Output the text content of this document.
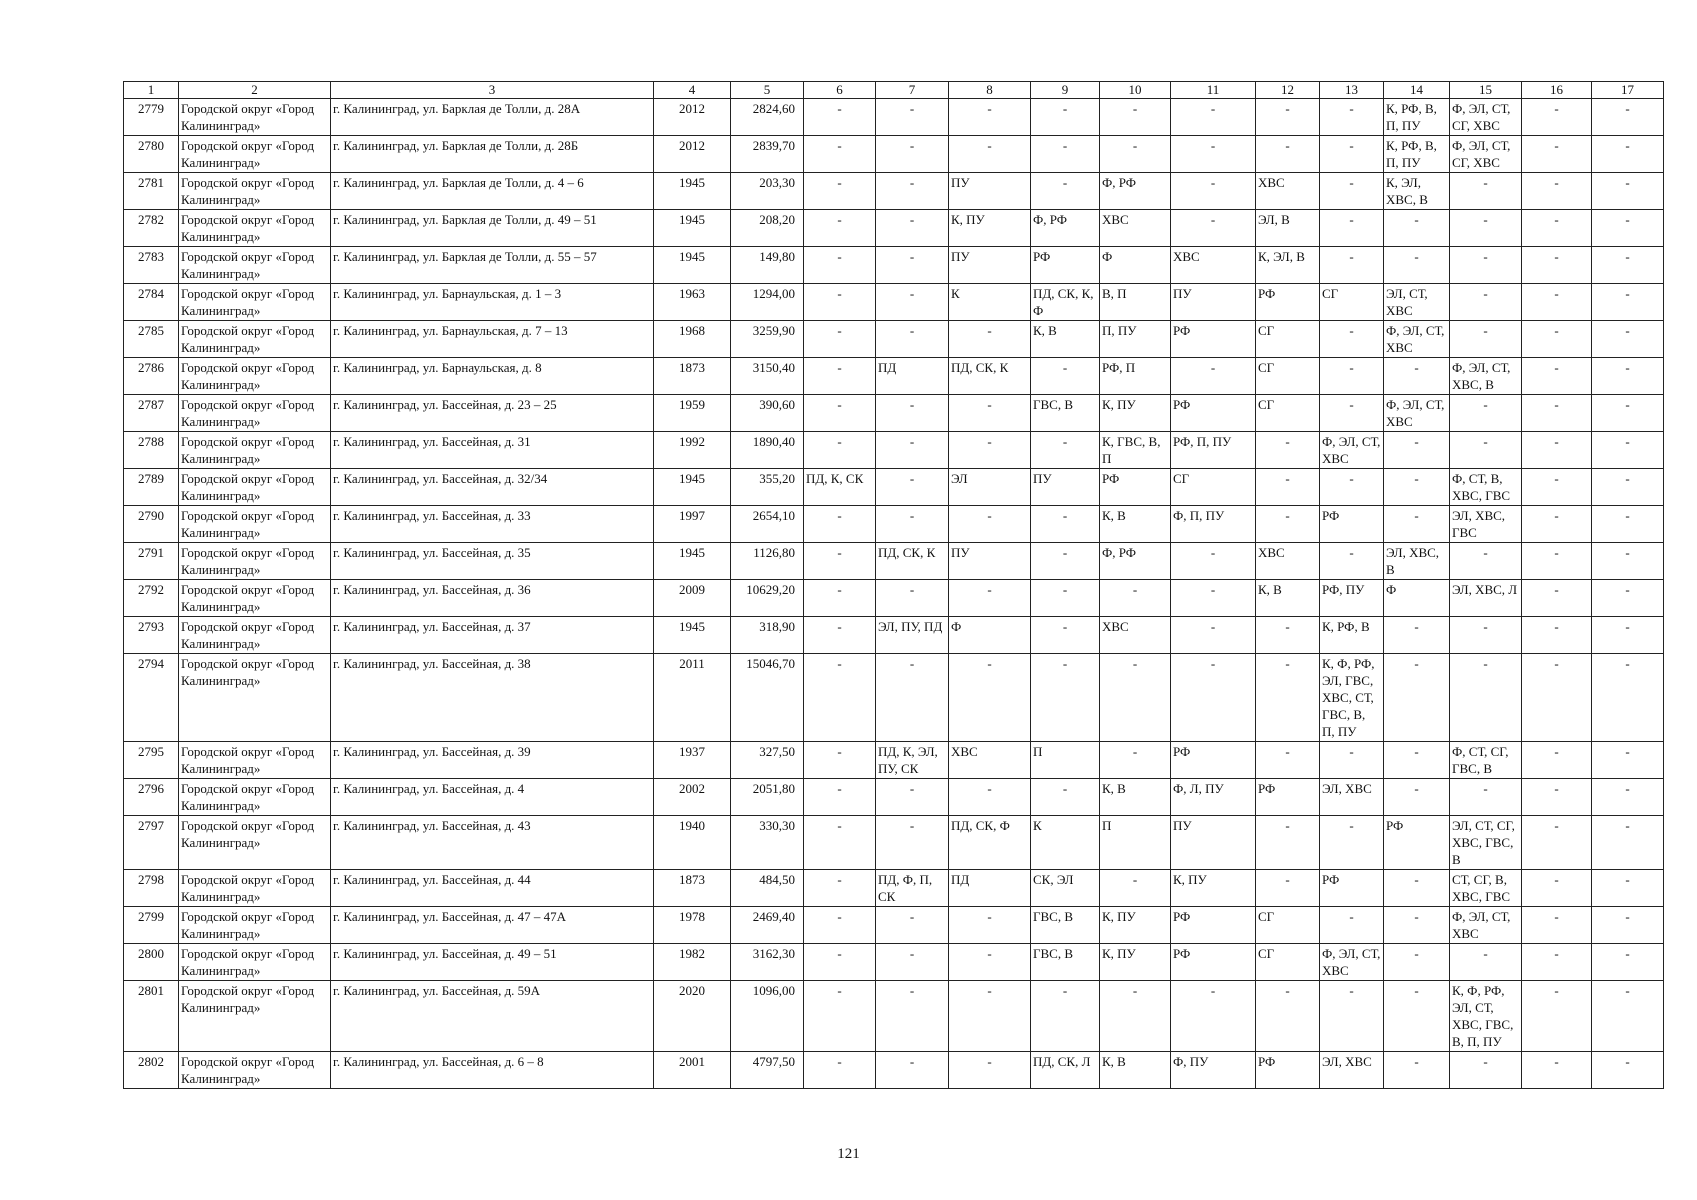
1	2	3	4	5	6	7	8	9	10	11	12	13	14	15	16	17
2779	Городской округ «Город Калининград»	г. Калининград, ул. Барклая де Толли, д. 28А	2012	2824,60	-	-	-	-	-	-	-	-	К, РФ, В, П, ПУ	Ф, ЭЛ, СТ, СГ, ХВС	-	-
2780	Городской округ «Город Калининград»	г. Калининград, ул. Барклая де Толли, д. 28Б	2012	2839,70	-	-	-	-	-	-	-	-	К, РФ, В, П, ПУ	Ф, ЭЛ, СТ, СГ, ХВС	-	-
2781	Городской округ «Город Калининград»	г. Калининград, ул. Барклая де Толли, д. 4 – 6	1945	203,30	-	-	ПУ	-	Ф, РФ	-	ХВС	-	К, ЭЛ, ХВС, В	-	-	-
2782	Городской округ «Город Калининград»	г. Калининград, ул. Барклая де Толли, д. 49 – 51	1945	208,20	-	-	К, ПУ	Ф, РФ	ХВС	-	ЭЛ, В	-	-	-	-	-
2783	Городской округ «Город Калининград»	г. Калининград, ул. Барклая де Толли, д. 55 – 57	1945	149,80	-	-	ПУ	РФ	Ф	ХВС	К, ЭЛ, В	-	-	-	-	-
2784	Городской округ «Город Калининград»	г. Калининград, ул. Барнаульская, д. 1 – 3	1963	1294,00	-	-	К	ПД, СК, К, Ф	В, П	ПУ	РФ	СГ	ЭЛ, СТ, ХВС	-	-	-
2785	Городской округ «Город Калининград»	г. Калининград, ул. Барнаульская, д. 7 – 13	1968	3259,90	-	-	-	К, В	П, ПУ	РФ	СГ	-	Ф, ЭЛ, СТ, ХВС	-	-	-
2786	Городской округ «Город Калининград»	г. Калининград, ул. Барнаульская, д. 8	1873	3150,40	-	ПД	ПД, СК, К	-	РФ, П	-	СГ	-	-	Ф, ЭЛ, СТ, ХВС, В	-	-
2787	Городской округ «Город Калининград»	г. Калининград, ул. Бассейная, д. 23 – 25	1959	390,60	-	-	-	ГВС, В	К, ПУ	РФ	СГ	-	Ф, ЭЛ, СТ, ХВС	-	-	-
2788	Городской округ «Город Калининград»	г. Калининград, ул. Бассейная, д. 31	1992	1890,40	-	-	-	-	К, ГВС, В, П	РФ, П, ПУ	-	Ф, ЭЛ, СТ, ХВС	-	-	-	-
2789	Городской округ «Город Калининград»	г. Калининград, ул. Бассейная, д. 32/34	1945	355,20	ПД, К, СК	-	ЭЛ	ПУ	РФ	СГ	-	-	-	Ф, СТ, В, ХВС, ГВС	-	-
2790	Городской округ «Город Калининград»	г. Калининград, ул. Бассейная, д. 33	1997	2654,10	-	-	-	-	К, В	Ф, П, ПУ	-	РФ	-	ЭЛ, ХВС, ГВС	-	-
2791	Городской округ «Город Калининград»	г. Калининград, ул. Бассейная, д. 35	1945	1126,80	-	ПД, СК, К	ПУ	-	Ф, РФ	-	ХВС	-	ЭЛ, ХВС, В	-	-	-
2792	Городской округ «Город Калининград»	г. Калининград, ул. Бассейная, д. 36	2009	10629,20	-	-	-	-	-	-	К, В	РФ, ПУ	Ф	ЭЛ, ХВС, Л	-	-
2793	Городской округ «Город Калининград»	г. Калининград, ул. Бассейная, д. 37	1945	318,90	-	ЭЛ, ПУ, ПД	Ф	-	ХВС	-	-	К, РФ, В	-	-	-	-
2794	Городской округ «Город Калининград»	г. Калининград, ул. Бассейная, д. 38	2011	15046,70	-	-	-	-	-	-	-	К, Ф, РФ, ЭЛ, ГВС, ХВС, СТ, ГВС, В, П, ПУ	-	-	-	-
2795	Городской округ «Город Калининград»	г. Калининград, ул. Бассейная, д. 39	1937	327,50	-	ПД, К, ЭЛ, ПУ, СК	ХВС	П	-	РФ	-	-	-	Ф, СТ, СГ, ГВС, В	-	-
2796	Городской округ «Город Калининград»	г. Калининград, ул. Бассейная, д. 4	2002	2051,80	-	-	-	-	К, В	Ф, Л, ПУ	РФ	ЭЛ, ХВС	-	-	-	-
2797	Городской округ «Город Калининград»	г. Калининград, ул. Бассейная, д. 43	1940	330,30	-	-	ПД, СК, Ф	К	П	ПУ	-	-	РФ	ЭЛ, СТ, СГ, ХВС, ГВС, В	-	-
2798	Городской округ «Город Калининград»	г. Калининград, ул. Бассейная, д. 44	1873	484,50	-	ПД, Ф, П, СК	ПД	СК, ЭЛ	-	К, ПУ	-	РФ	-	СТ, СГ, В, ХВС, ГВС	-	-
2799	Городской округ «Город Калининград»	г. Калининград, ул. Бассейная, д. 47 – 47А	1978	2469,40	-	-	-	ГВС, В	К, ПУ	РФ	СГ	-	-	Ф, ЭЛ, СТ, ХВС	-	-
2800	Городской округ «Город Калининград»	г. Калининград, ул. Бассейная, д. 49 – 51	1982	3162,30	-	-	-	ГВС, В	К, ПУ	РФ	СГ	Ф, ЭЛ, СТ, ХВС	-	-	-	-
2801	Городской округ «Город Калининград»	г. Калининград, ул. Бассейная, д. 59А	2020	1096,00	-	-	-	-	-	-	-	-	-	К, Ф, РФ, ЭЛ, СТ, ХВС, ГВС, В, П, ПУ	-	-
2802	Городской округ «Город Калининград»	г. Калининград, ул. Бассейная, д. 6 – 8	2001	4797,50	-	-	-	ПД, СК, Л	К, В	Ф, ПУ	РФ	ЭЛ, ХВС	-	-	-	-
121
